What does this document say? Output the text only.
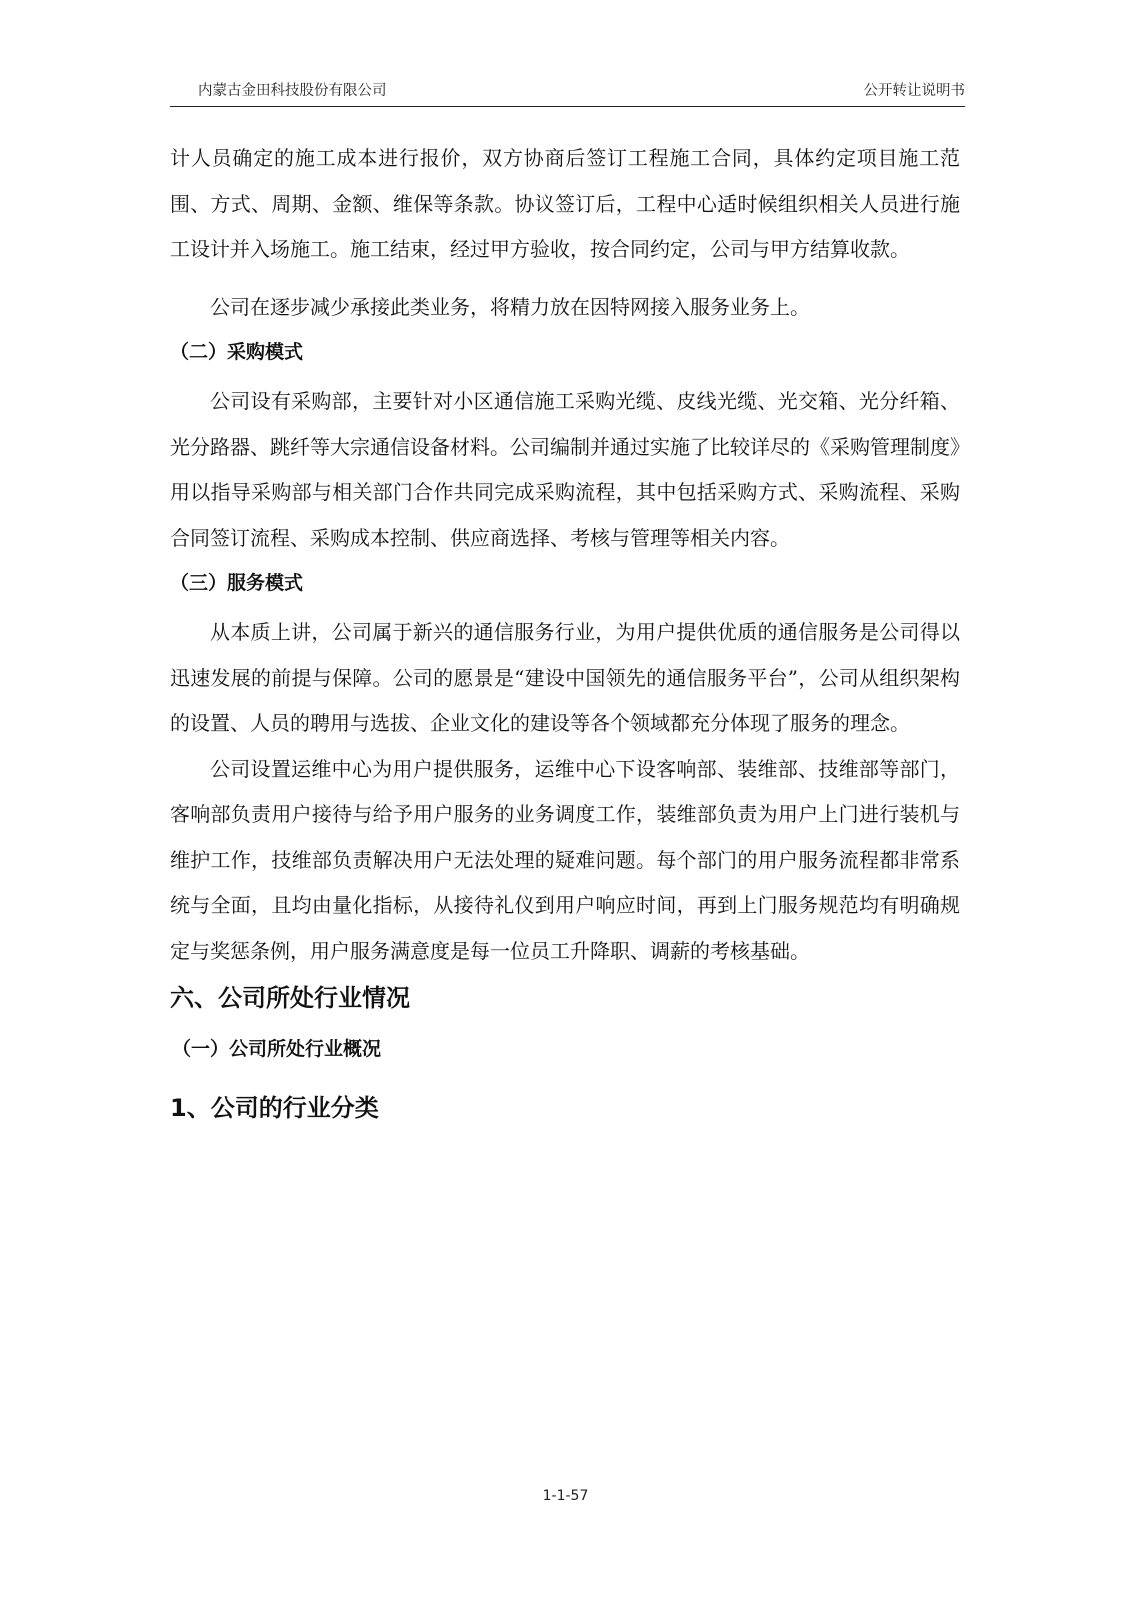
内蒙古金田科技股份有限公司	公开转让说明书

计人员确定的施工成本进行报价，双方协商后签订工程施工合同，具体约定项目施工范围、方式、周期、金额、维保等条款。协议签订后，工程中心适时候组织相关人员进行施工设计并入场施工。施工结束，经过甲方验收，按合同约定，公司与甲方结算收款。

公司在逐步减少承接此类业务，将精力放在因特网接入服务业务上。

（二）采购模式

公司设有采购部，主要针对小区通信施工采购光缆、皮线光缆、光交箱、光分纤箱、光分路器、跳纤等大宗通信设备材料。公司编制并通过实施了比较详尽的《采购管理制度》用以指导采购部与相关部门合作共同完成采购流程，其中包括采购方式、采购流程、采购合同签订流程、采购成本控制、供应商选择、考核与管理等相关内容。

（三）服务模式

从本质上讲，公司属于新兴的通信服务行业，为用户提供优质的通信服务是公司得以迅速发展的前提与保障。公司的愿景是“建设中国领先的通信服务平台”，公司从组织架构的设置、人员的聘用与选拔、企业文化的建设等各个领域都充分体现了服务的理念。

公司设置运维中心为用户提供服务，运维中心下设客响部、装维部、技维部等部门，客响部负责用户接待与给予用户服务的业务调度工作，装维部负责为用户上门进行装机与维护工作，技维部负责解决用户无法处理的疑难问题。每个部门的用户服务流程都非常系统与全面，且均由量化指标，从接待礼仪到用户响应时间，再到上门服务规范均有明确规定与奖惩条例，用户服务满意度是每一位员工升降职、调薪的考核基础。

六、公司所处行业情况
（一）公司所处行业概况
1、公司的行业分类
1-1-57
